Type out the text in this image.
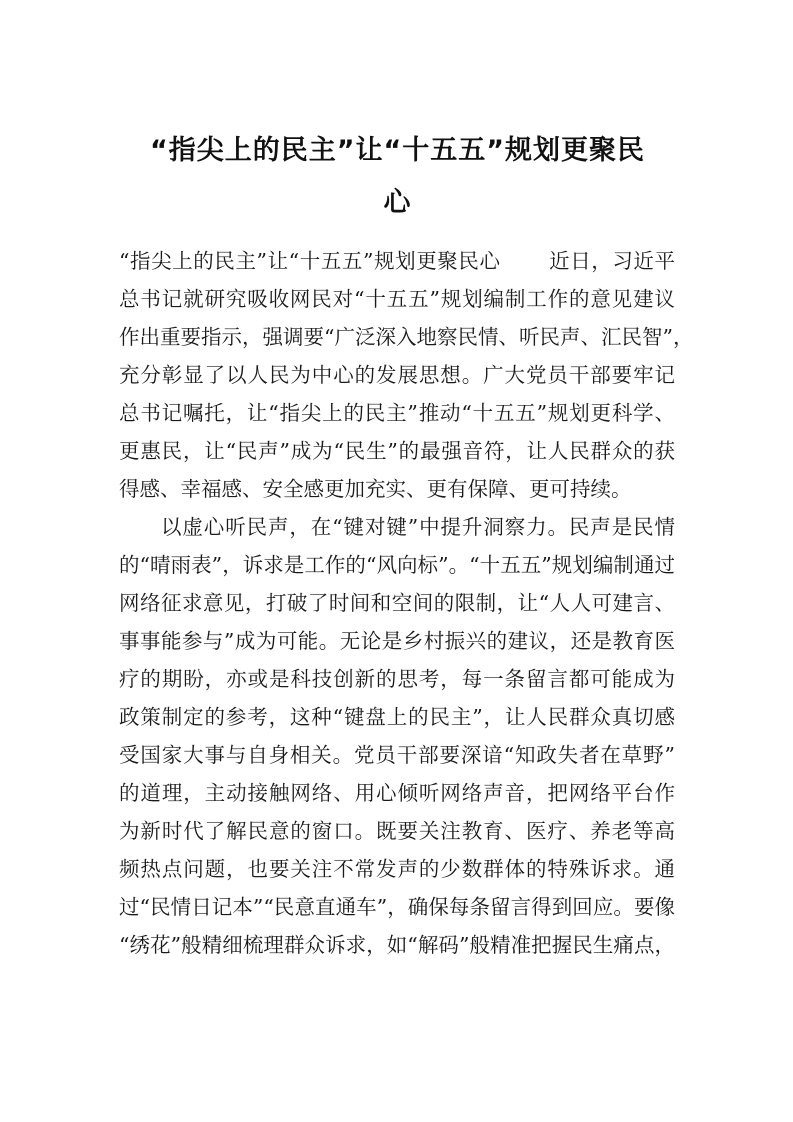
“指尖上的民主”让“十五五”规划更聚民
心

“指尖上的民主”让“十五五”规划更聚民心 近日，习近平

总书记就研究吸收网民对“十五五”规划编制工作的意见建议

作出重要指示，强调要“广泛深入地察民情、听民声、汇民智”，

充分彰显了以人民为中心的发展思想。广大党员干部要牢记

总书记嘱托，让“指尖上的民主”推动“十五五”规划更科学、

更惠民，让“民声”成为“民生”的最强音符，让人民群众的获

得感、幸福感、安全感更加充实、更有保障、更可持续。

以虚心听民声，在“键对键”中提升洞察力。民声是民情

的“晴雨表”，诉求是工作的“风向标”。“十五五”规划编制通过

网络征求意见，打破了时间和空间的限制，让“人人可建言、

事事能参与”成为可能。无论是乡村振兴的建议，还是教育医

疗的期盼，亦或是科技创新的思考，每一条留言都可能成为

政策制定的参考，这种“键盘上的民主”，让人民群众真切感

受国家大事与自身相关。党员干部要深谙“知政失者在草野”

的道理，主动接触网络、用心倾听网络声音，把网络平台作

为新时代了解民意的窗口。既要关注教育、医疗、养老等高

频热点问题，也要关注不常发声的少数群体的特殊诉求。通

过“民情日记本”“民意直通车”，确保每条留言得到回应。要像

“绣花”般精细梳理群众诉求，如“解码”般精准把握民生痛点，
